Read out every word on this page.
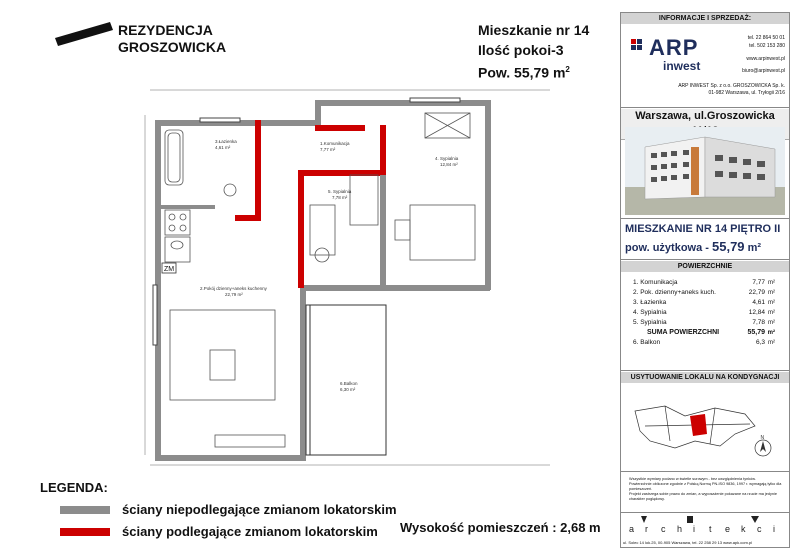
REZYDENCJA
GROSZOWICKA
Mieszkanie nr 14
Ilość pokoi-3
Pow. 55,79 $m^2$
1.Komunikacja
7,77 m²
2.Pokój dzienny+aneks kuchenny
22,79 m²
3.Łazienka
4,61 m²
4. Sypialnia
12,84 m²
5. Sypialnia
7,78 m²
6.Balkon
6,30 m²
ZM
LEGENDA:
ściany niepodlegające zmianom lokatorskim
ściany podlegające zmianom lokatorskim Wysokość pomieszczeń : 2,68 m
INFORMACJE I SPRZEDAŻ:
ARP
inwest
tel. 22 864 50 01
tel. 502 153 280
www.arpinwest.pl
biuro@arpinwest.pl
ARP INWEST Sp. z o.o. GROSZOWICKA Sp. k.
01-982 Warszawa, ul. Tryłogii 2/16
Warszawa, ul.Groszowicka
MIESZKANIE NR 14 PIĘTRO II
pow. użytkowa - 55,79 m²
POWIERZCHNIE
1. Komunikacja	7,77 m²
2. Pok. dzienny+aneks kuch.	22,79 m²
3. Łazienka	4,61 m²
4. Sypialnia	12,84 m²
5. Sypialnia	7,78 m²
SUMA POWIERZCHNI	55,79 m²
6. Balkon	6,3 m²
USYTUOWANIE LOKALU NA KONDYGNACJI
N
Wszystkie wymiary podano w świetle surowym - bez uwzględnienia tynków.
Powierzchnie obliczone zgodnie z Polską Normą PN-ISO 9836, 1997 r. wymagają tylko dla pomieszczeń.
Projekt zastrzega sobie prawo do zmian, a wyposażenie pokazane na rzucie ma jedynie charakter poglądowy.
a r c h i t e k c i
ul. Solec 14 lok.25, 00-905 Warszawa, tel. 22 258 29 13 www.apk.com.pl
